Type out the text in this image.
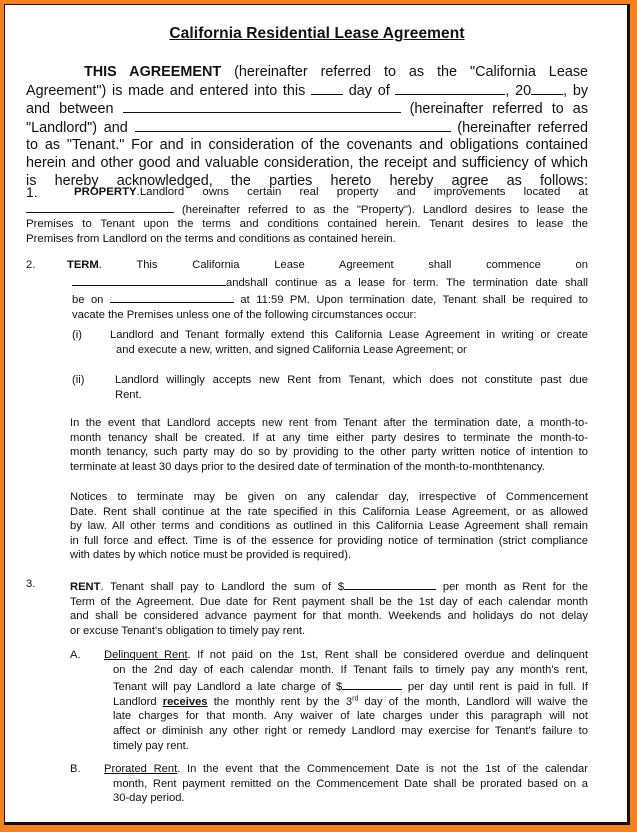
California Residential Lease Agreement
THIS AGREEMENT (hereinafter referred to as the "California Lease
Agreement") is made and entered into this	day of	, 20 , by
and between	(hereinafter referred to as
"Landlord") and	(hereinafter referred
to as "Tenant." For and in consideration of the covenants and obligations contained
herein and other good and valuable consideration, the receipt and sufficiency of which
is hereby acknowledged, the parties hereto hereby agree as follows:
1.	PROPERTY.Landlord owns certain real property and improvements located at
(hereinafter referred to as the "Property"). Landlord desires to lease the
Premises to Tenant upon the terms and conditions contained herein. Tenant desires to lease the
Premises from Landlord on the terms and conditions as contained herein.
2.	TERM. This California Lease Agreement shall commence on
andshall continue as a lease for term. The termination date shall
be on	at 11:59 PM. Upon termination date, Tenant shall be required to
vacate the Premises unless one of the following circumstances occur:
(i)	Landlord and Tenant formally extend this California Lease Agreement in writing or create
and execute a new, written, and signed California Lease Agreement; or
(ii)	Landlord willingly accepts new Rent from Tenant, which does not constitute past due
Rent.
In the event that Landlord accepts new rent from Tenant after the termination date, a month-to-
month tenancy shall be created. If at any time either party desires to terminate the month-to-
month tenancy, such party may do so by providing to the other party written notice of intention to
terminate at least 30 days prior to the desired date of termination of the month-to-monthtenancy.
Notices to terminate may be given on any calendar day, irrespective of Commencement
Date. Rent shall continue at the rate specified in this California Lease Agreement, or as allowed
by law. All other terms and conditions as outlined in this California Lease Agreement shall remain
in full force and effect. Time is of the essence for providing notice of termination (strict compliance
with dates by which notice must be provided is required).
3.	RENT. Tenant shall pay to Landlord the sum of $	per month as Rent for the
Term of the Agreement. Due date for Rent payment shall be the 1st day of each calendar month
and shall be considered advance payment for that month. Weekends and holidays do not delay
or excuse Tenant's obligation to timely pay rent.
A. Delinquent Rent. If not paid on the 1st, Rent shall be considered overdue and delinquent
on the 2nd day of each calendar month. If Tenant fails to timely pay any month's rent,
Tenant will pay Landlord a late charge of $	per day until rent is paid in full. If
Landlord receives the monthly rent by the 3rd day of the month, Landlord will waive the
late charges for that month. Any waiver of late charges under this paragraph will not
affect or diminish any other right or remedy Landlord may exercise for Tenant's failure to
timely pay rent.
B. Prorated Rent. In the event that the Commencement Date is not the 1st of the calendar
month, Rent payment remitted on the Commencement Date shall be prorated based on a
30-day period.
